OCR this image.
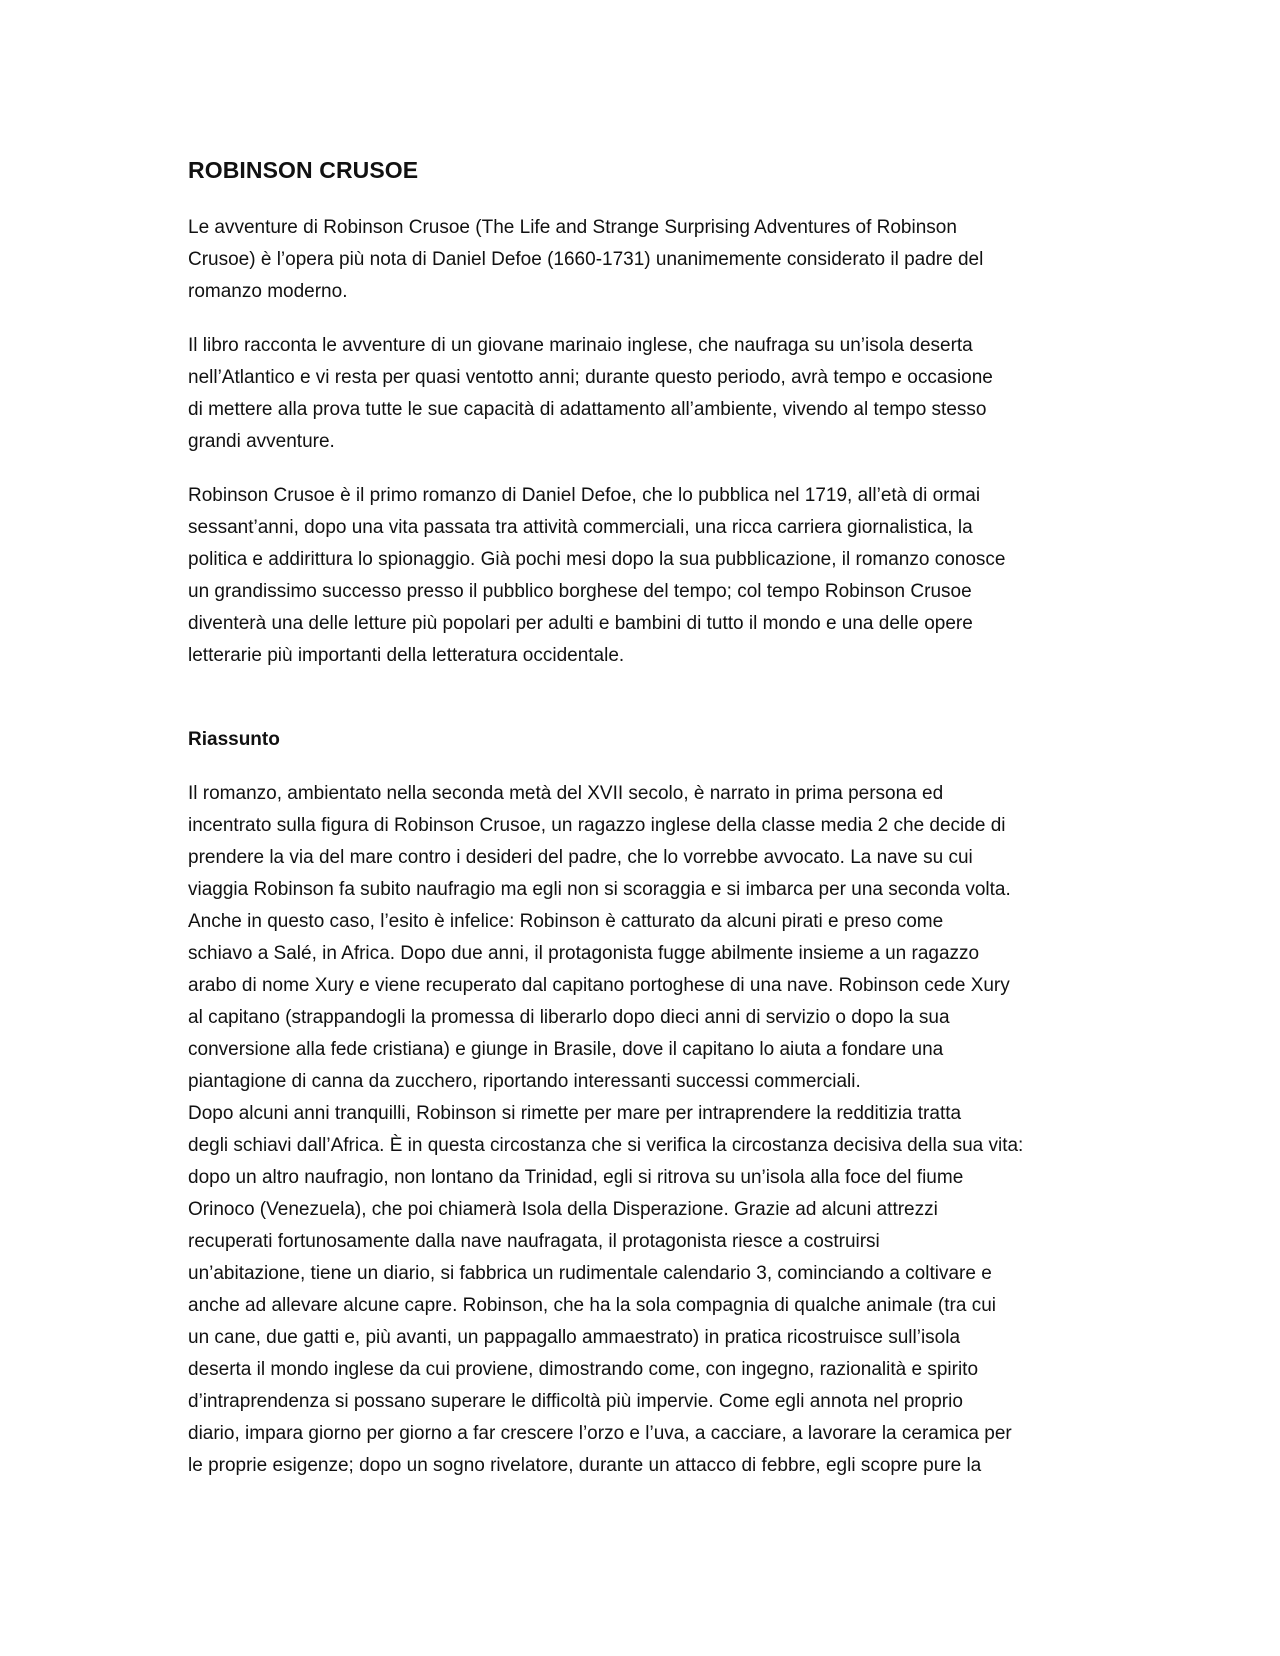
ROBINSON CRUSOE

Le avventure di Robinson Crusoe (The Life and Strange Surprising Adventures of Robinson
Crusoe) è l’opera più nota di Daniel Defoe (1660-1731) unanimemente considerato il padre del
romanzo moderno.

Il libro racconta le avventure di un giovane marinaio inglese, che naufraga su un’isola deserta
nell’Atlantico e vi resta per quasi ventotto anni; durante questo periodo, avrà tempo e occasione
di mettere alla prova tutte le sue capacità di adattamento all’ambiente, vivendo al tempo stesso
grandi avventure.

Robinson Crusoe è il primo romanzo di Daniel Defoe, che lo pubblica nel 1719, all’età di ormai
sessant’anni, dopo una vita passata tra attività commerciali, una ricca carriera giornalistica, la
politica e addirittura lo spionaggio. Già pochi mesi dopo la sua pubblicazione, il romanzo conosce
un grandissimo successo presso il pubblico borghese del tempo; col tempo Robinson Crusoe
diventerà una delle letture più popolari per adulti e bambini di tutto il mondo e una delle opere
letterarie più importanti della letteratura occidentale.

Riassunto

Il romanzo, ambientato nella seconda metà del XVII secolo, è narrato in prima persona ed
incentrato sulla figura di Robinson Crusoe, un ragazzo inglese della classe media 2 che decide di
prendere la via del mare contro i desideri del padre, che lo vorrebbe avvocato. La nave su cui
viaggia Robinson fa subito naufragio ma egli non si scoraggia e si imbarca per una seconda volta.
Anche in questo caso, l’esito è infelice: Robinson è catturato da alcuni pirati e preso come
schiavo a Salé, in Africa. Dopo due anni, il protagonista fugge abilmente insieme a un ragazzo
arabo di nome Xury e viene recuperato dal capitano portoghese di una nave. Robinson cede Xury
al capitano (strappandogli la promessa di liberarlo dopo dieci anni di servizio o dopo la sua
conversione alla fede cristiana) e giunge in Brasile, dove il capitano lo aiuta a fondare una
piantagione di canna da zucchero, riportando interessanti successi commerciali.

Dopo alcuni anni tranquilli, Robinson si rimette per mare per intraprendere la redditizia tratta
degli schiavi dall’Africa. È in questa circostanza che si verifica la circostanza decisiva della sua vita:
dopo un altro naufragio, non lontano da Trinidad, egli si ritrova su un’isola alla foce del fiume
Orinoco (Venezuela), che poi chiamerà Isola della Disperazione. Grazie ad alcuni attrezzi
recuperati fortunosamente dalla nave naufragata, il protagonista riesce a costruirsi
un’abitazione, tiene un diario, si fabbrica un rudimentale calendario 3, cominciando a coltivare e
anche ad allevare alcune capre. Robinson, che ha la sola compagnia di qualche animale (tra cui
un cane, due gatti e, più avanti, un pappagallo ammaestrato) in pratica ricostruisce sull’isola
deserta il mondo inglese da cui proviene, dimostrando come, con ingegno, razionalità e spirito
d’intraprendenza si possano superare le difficoltà più impervie. Come egli annota nel proprio
diario, impara giorno per giorno a far crescere l’orzo e l’uva, a cacciare, a lavorare la ceramica per
le proprie esigenze; dopo un sogno rivelatore, durante un attacco di febbre, egli scopre pure la
